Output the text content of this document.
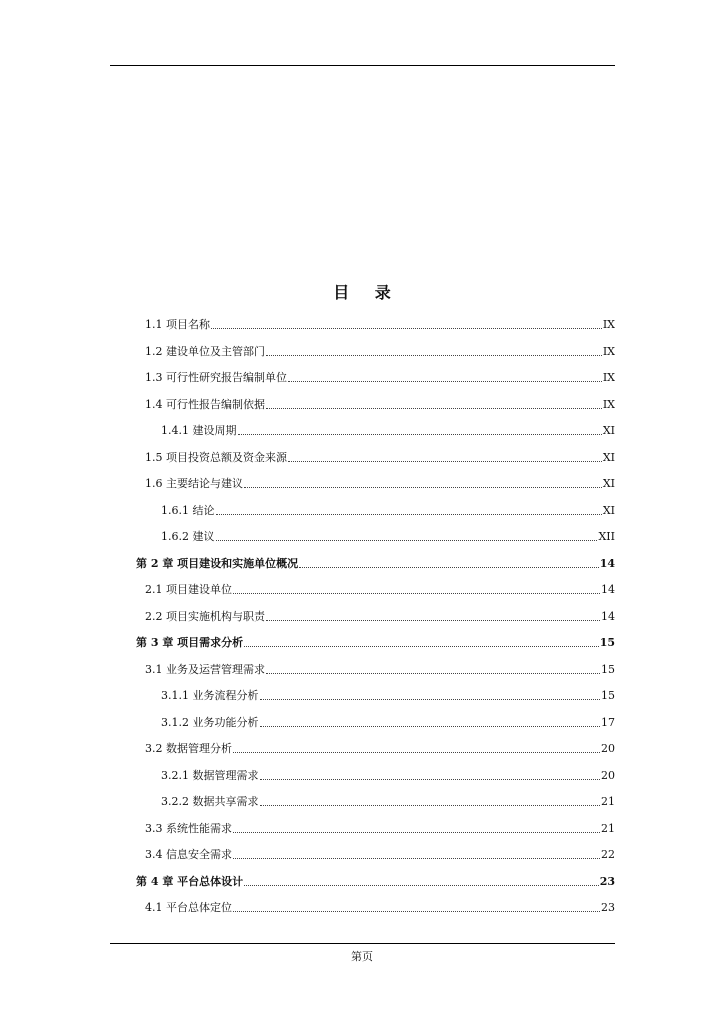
目 录
1.1 项目名称	IX
1.2 建设单位及主管部门	IX
1.3 可行性研究报告编制单位	IX
1.4 可行性报告编制依据	IX
1.4.1 建设周期	XI
1.5 项目投资总额及资金来源	XI
1.6 主要结论与建议	XI
1.6.1 结论	XI
1.6.2 建议	XII
第 2 章 项目建设和实施单位概况	14
2.1 项目建设单位	14
2.2 项目实施机构与职责	14
第 3 章 项目需求分析	15
3.1 业务及运营管理需求	15
3.1.1 业务流程分析	15
3.1.2 业务功能分析	17
3.2 数据管理分析	20
3.2.1 数据管理需求	20
3.2.2 数据共享需求	21
3.3 系统性能需求	21
3.4 信息安全需求	22
第 4 章 平台总体设计	23
4.1 平台总体定位	23
第页
